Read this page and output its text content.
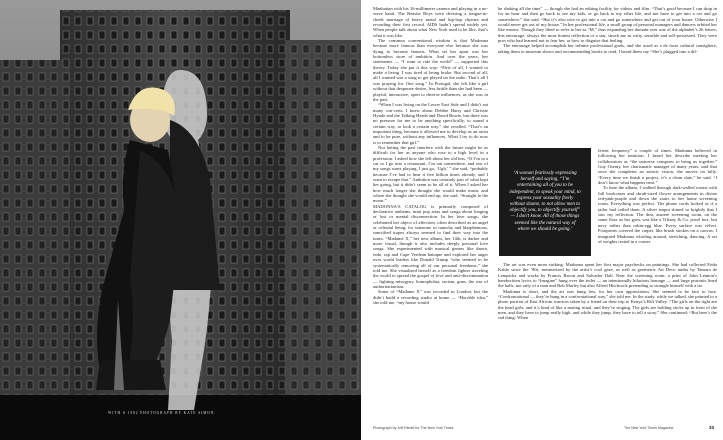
WITH A 1982 PHOTOGRAPH BY KATE SIMON.
Stylist: Kim Bowen and Jennifer Smith. Hair: Brant Anderson. Makeup: Fiona Stiles. Styling assistant: Carmen Fernandez.

Manhattan with his 16-millimeter camera and playing in a no-wave band. The Beastie Boys were devising a tongue-in-cheek marriage of heavy metal and hip-hop rhymes and recording their first record. AIDS hadn’t spread widely yet. When people talk about what New York used to be like, that’s what it was like.

The common conventional wisdom is that Madonna became more famous than everyone else because she was dying to become famous. What set her apart was her bottomless store of ambition. And over the years, her statements — “I want to rule the world” — supported this theory. Today she put it this way: “First of all, I wanted to make a living. I was tired of being broke. But second of all, all I wanted was a song to get played on the radio. That’s all I was praying for. One song.” In Portugal, she felt like a girl without that desperate desire, less brittle than she had been — playful, interactive, open to diverse influences, as she was in the past.

“When I was living on the Lower East Side and I didn’t eat many con-certs, I knew about Debbie Harry and Chrissie Hynde and the Talking Heads and David Bowie, but there was no pressure for me to be anything specifically, to sound a certain way, to look a certain way,” she recalled. “That’s an important thing, because it allowed me to develop as an artist and to be pure, without any influences. What I try to do now is to remember that girl.”

Not letting the past interfere with the future might be as difficult for her as anyone who rose to a high level in a profession. I asked how she felt about her old hits. “If I’m in a car or I go into a restaurant, I’m out somewhere, and one of my songs starts playing, I just go, ‘Ugh,’ ” she said, “probably because I’ve had to hear it five billion times already, and I want to escape that.” Ambition was certainly part of what kept her going, but it didn’t seem to be all of it. When I asked her how much longer she thought she would make music and where she thought she would end up, she said, “Straight to the moon.”

MADONNA’S CATALOG is primarily composed of declarative anthems, mini pop arias and songs about longing or lost or mental disconnection. In her love songs, she celebrated her object of affection, often described as an angel or celestial being; for someone so raunchy and blasphemous, sanctified tropes always seemed to find their way into the tunes. “Madame X,” her new album, her 14th, is darker and more visual, though it also includes deeply personal love songs. She experimented with musical genres like dance, fado, rap and Cape Verdean batuque and explored her anger over world leaders like Donald Trump “who seemed to be systematically removing all of our personal freedoms,” she told me. She visualized herself as a freedom fighter traveling the world to spread the gospel of love and anti-discrimination — fighting misogyny, homophobia, racism, guns, the rise of authoritarianism.

Some of “Madame X” was recorded in London, but she didn’t build a recording studio at home — “Horrible idea,” she told me, “my house would

be shaking all the time” — though she had an editing facility for videos and film. “That’s good because I can drop in for an hour and then go back to see my kids, or go back to my other life, and not have to get into a car and go somewhere,” she said. “But it’s also nice to get into a car and go somewhere and get out of your house. Otherwise I would never get out of my house.” In her professional life, a small group of personal managers and dancers orbited her like moons. Though they liked to refer to her as “M,” thus expanding her domain over one of the alphabet’s 26 letters, this entourage, always the most honest reflection of a star, struck me as witty, sensible and self-possessed. They were pros who had learned not to fear her, or how to disguise that feeling.

The entourage helped accomplish her infinite professional goals, and she acted as a de facto cultural consigliere, taking them to museum shows and recommending books to read. I heard them say “She’s plugged into a dif-

‘A woman fearlessly expressing herself and saying, “I’m entertaining all of you to be independent, to speak your mind, to express your sexuality freely without shame, to not allow men to objectify you, to objectify yourself” — I don’t know. All of those things seemed like the natural way of where we should be going.’

ferent frequency” a couple of times. Madonna believed in following her intuition. I heard her describe meeting her collaborators as “the universe conspires to bring us together.” Guy Oseary, her charismatic manager of many years, said that once she completes an artistic vision, she moves on fully. “Every time we finish a project, it’s a clean slate,” he said. “I don’t know what happens next.”

To hear the album, I walked through dark-walled rooms with full bookcases and shrub-sized flower arrangements in divine red-pink-purple and down the stairs to her home screening room. Everything was perfect. The phone cords looked as if a tailor had coiled them. A silver teapot shined so brightly that I saw my reflection. The dim, austere screening room, on the same floor as her gym, was like a Tiffany & Co. jewel box, but navy rather than robin-egg blue. Every surface was velvet. Footprints covered the carpet, like brush strokes on a canvas; I imagined Madonna whirling around, stretching, dancing. A set of weights rested in a corner.

The art was even more striking. Madonna spent her first major paychecks on paintings. She had collected Frida Kahlo since the ’80s, mesmerized by the artist’s cool gaze, as well as geometric Art Deco nudes by Tamara de Lempicka and works by Francis Bacon and Salvador Dalí. Near the screening room, a print of John Lennon’s handwritten lyrics to “Imagine” hung over the toilet — an intentionally hilarious homage — and large portraits lined the halls, not only of a man and Bob Marley but also Alfred Hitchcock pretending to strangle himself with a tie.

Madonna is short, and the art was hung low, for her own appreciation. She seemed to be face to face. “Confrontational — they’re hung in a confrontational way,” she told me. In the study, while we talked, she pointed to a photo portrait of East African warriors taken by a friend on their trip to Kenya’s Rift Valley. “The girls on the right are the head girls, and it’s kind of like a mating ritual, and they’re singing. The girls are holding sticks up in front of the men, and they have to jump really high, and while they jump, they have to tell a story.” She continued: “But here’s the sad thing: When

Photograph by Jeff Riedel for The New York Times	The New York Times Magazine	33
